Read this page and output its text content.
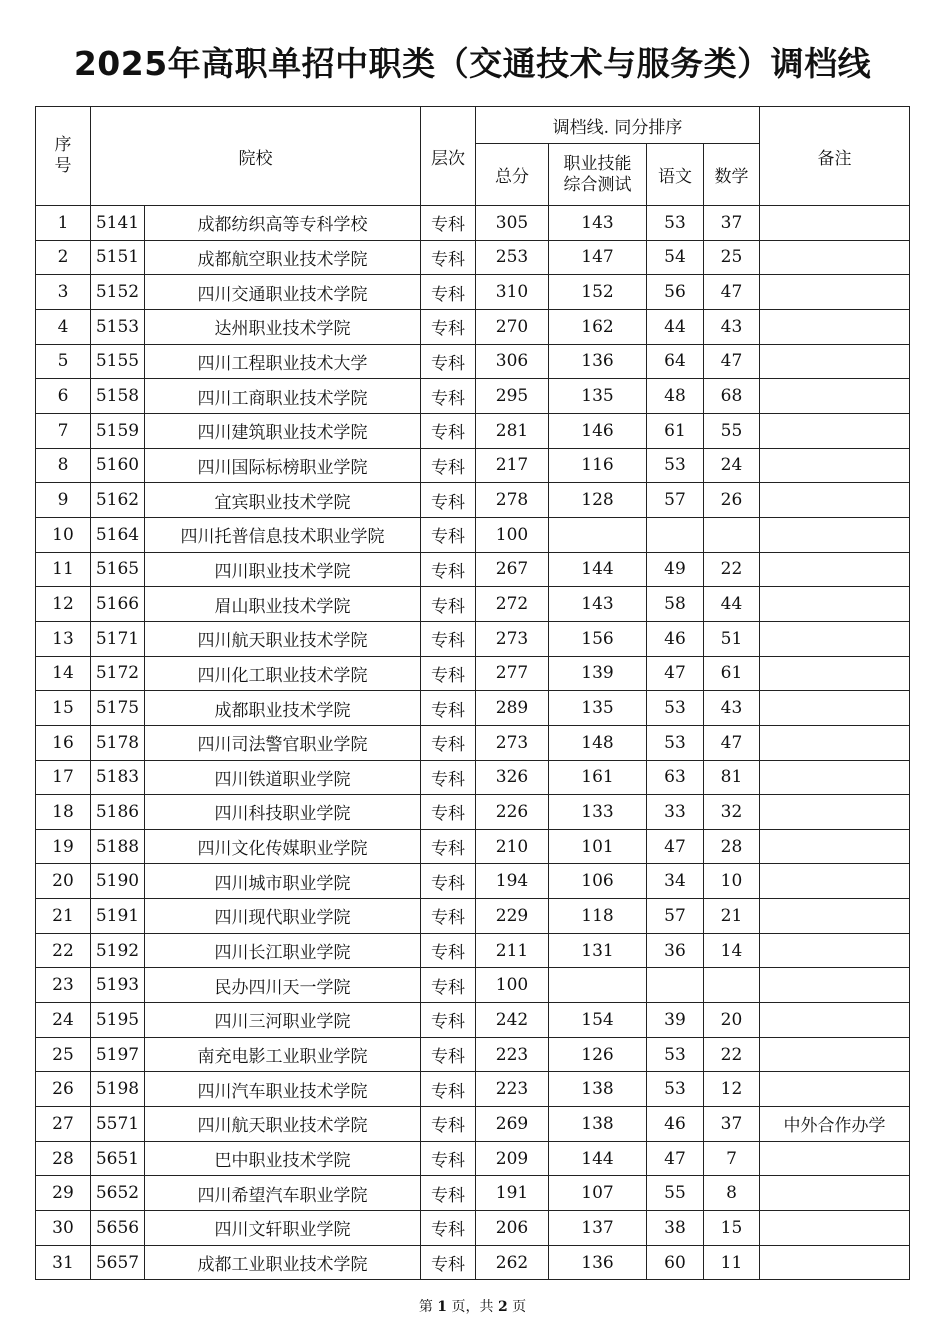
2025年高职单招中职类（交通技术与服务类）调档线
序号	院校		层次	调档线. 同分排序				备注
				总分	职业技能综合测试	语文	数学	
1	5141	成都纺织高等专科学校	专科	305	143	53	37	
2	5151	成都航空职业技术学院	专科	253	147	54	25	
3	5152	四川交通职业技术学院	专科	310	152	56	47	
4	5153	达州职业技术学院	专科	270	162	44	43	
5	5155	四川工程职业技术大学	专科	306	136	64	47	
6	5158	四川工商职业技术学院	专科	295	135	48	68	
7	5159	四川建筑职业技术学院	专科	281	146	61	55	
8	5160	四川国际标榜职业学院	专科	217	116	53	24	
9	5162	宜宾职业技术学院	专科	278	128	57	26	
10	5164	四川托普信息技术职业学院	专科	100				
11	5165	四川职业技术学院	专科	267	144	49	22	
12	5166	眉山职业技术学院	专科	272	143	58	44	
13	5171	四川航天职业技术学院	专科	273	156	46	51	
14	5172	四川化工职业技术学院	专科	277	139	47	61	
15	5175	成都职业技术学院	专科	289	135	53	43	
16	5178	四川司法警官职业学院	专科	273	148	53	47	
17	5183	四川铁道职业学院	专科	326	161	63	81	
18	5186	四川科技职业学院	专科	226	133	33	32	
19	5188	四川文化传媒职业学院	专科	210	101	47	28	
20	5190	四川城市职业学院	专科	194	106	34	10	
21	5191	四川现代职业学院	专科	229	118	57	21	
22	5192	四川长江职业学院	专科	211	131	36	14	
23	5193	民办四川天一学院	专科	100				
24	5195	四川三河职业学院	专科	242	154	39	20	
25	5197	南充电影工业职业学院	专科	223	126	53	22	
26	5198	四川汽车职业技术学院	专科	223	138	53	12	
27	5571	四川航天职业技术学院	专科	269	138	46	37	中外合作办学
28	5651	巴中职业技术学院	专科	209	144	47	7	
29	5652	四川希望汽车职业学院	专科	191	107	55	8	
30	5656	四川文轩职业学院	专科	206	137	38	15	
31	5657	成都工业职业技术学院	专科	262	136	60	11	
第 1 页，共 2 页
